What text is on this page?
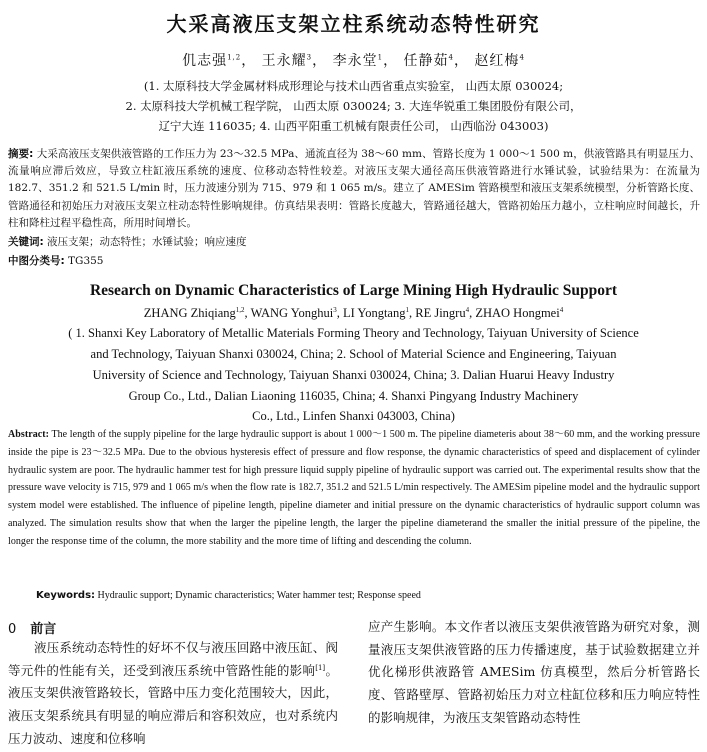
大采高液压支架立柱系统动态特性研究
仉志强$^{1,2}$， 王永耀$^3$， 李永堂$^1$， 任静茹$^4$， 赵红梅$^4$
(1. 太原科技大学金属材料成形理论与技术山西省重点实验室， 山西太原 030024;
2. 太原科技大学机械工程学院， 山西太原 030024; 3. 大连华锐重工集团股份有限公司，
辽宁大连 116035; 4. 山西平阳重工机械有限责任公司， 山西临汾 043003)
摘要: 大采高液压支架供液管路的工作压力为 23～32.5 MPa、通流直径为 38～60 mm、管路长度为 1 000～1 500 m，供液管路具有明显压力、流量响应滞后效应，导致立柱缸液压系统的速度、位移动态特性较差。对液压支架大通径高压供液管路进行水锤试验，试验结果为：在流量为 182.7、351.2 和 521.5 L/min 时，压力波速分别为 715、979 和 1 065 m/s。建立了 AMESim 管路模型和液压支架系统模型，分析管路长度、管路通径和初始压力对液压支架立柱动态特性影响规律。仿真结果表明：管路长度越大，管路通径越大，管路初始压力越小，立柱响应时间越长，升柱和降柱过程平稳性高，所用时间增长。
关键词: 液压支架；动态特性；水锤试验；响应速度
中图分类号: TG355
Research on Dynamic Characteristics of Large Mining High Hydraulic Support
ZHANG Zhiqiang$^{1,2}$, WANG Yonghui$^3$, LI Yongtang$^1$, RE Jingru$^4$, ZHAO Hongmei$^4$
( 1. Shanxi Key Laboratory of Metallic Materials Forming Theory and Technology, Taiyuan University of Science
and Technology, Taiyuan Shanxi 030024, China; 2. School of Material Science and Engineering, Taiyuan
University of Science and Technology, Taiyuan Shanxi 030024, China; 3. Dalian Huarui Heavy Industry
Group Co., Ltd., Dalian Liaoning 116035, China; 4. Shanxi Pingyang Industry Machinery
Co., Ltd., Linfen Shanxi 043003, China)
Abstract: The length of the supply pipeline for the large hydraulic support is about 1 000～1 500 m. The pipeline diameteris about 38～60 mm, and the working pressure inside the pipe is 23～32.5 MPa. Due to the obvious hysteresis effect of pressure and flow response, the dynamic characteristics of speed and displacement of cylinder hydraulic system are poor. The hydraulic hammer test for high pressure liquid supply pipeline of hydraulic support was carried out. The experimental results show that the pressure wave velocity is 715, 979 and 1 065 m/s when the flow rate is 182.7, 351.2 and 521.5 L/min respectively. The AMESim pipeline model and the hydraulic support system model were established. The influence of pipeline length, pipeline diameter and initial pressure on the dynamic characteristics of hydraulic support column was analyzed. The simulation results show that when the larger the pipeline length, the larger the pipeline diameterand the smaller the initial pressure of the pipeline, the longer the response time of the column, the more stability and the more time of lifting and descending the column.
Keywords: Hydraulic support; Dynamic characteristics; Water hammer test; Response speed
0 前言
液压系统动态特性的好坏不仅与液压回路中液压缸、阀等元件的性能有关，还受到液压系统中管路性能的影响[1]。液压支架供液管路较长，管路中压力变化范围较大，因此，液压支架系统具有明显的响应滞后和容积效应，也对系统内压力波动、速度和位移响
应产生影响。本文作者以液压支架供液管路为研究对象，测量液压支架供液管路的压力传播速度，基于试验数据建立并优化梯形供液路管 AMESim 仿真模型，然后分析管路长度、管路壁厚、管路初始压力对立柱缸位移和压力响应特性的影响规律，为液压支架管路动态特性
